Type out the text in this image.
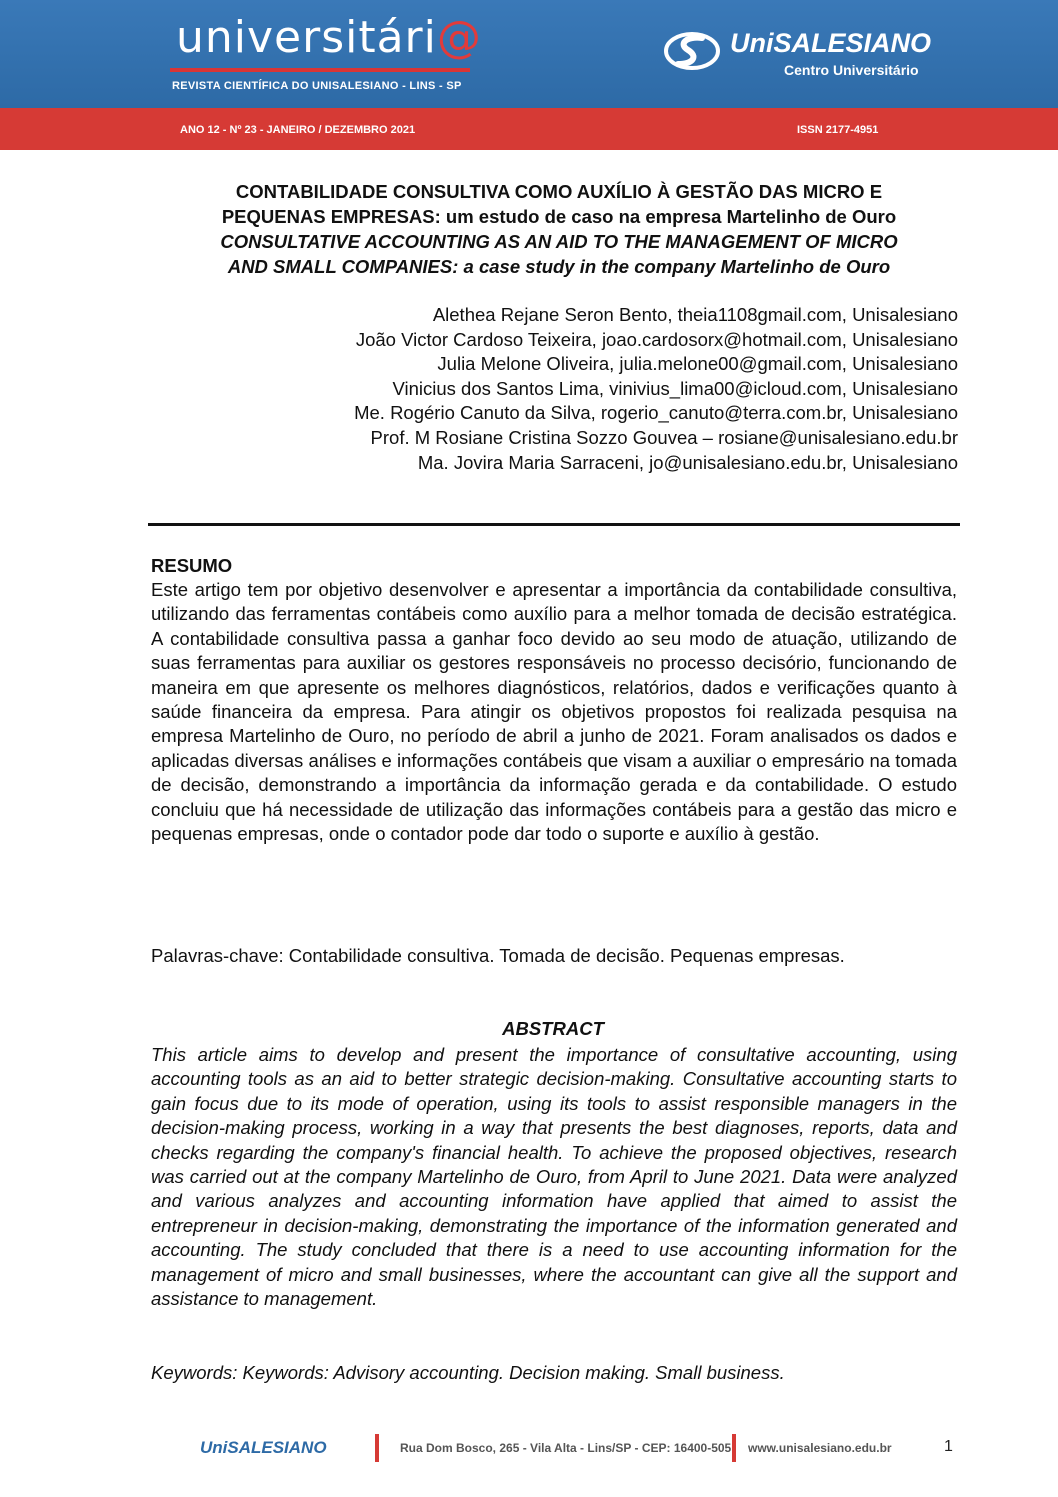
universitári@
REVISTA CIENTÍFICA DO UNISALESIANO - LINS - SP
UniSALESIANO
Centro Universitário
ANO 12 - Nº 23 - JANEIRO / DEZEMBRO 2021	ISSN 2177-4951
CONTABILIDADE CONSULTIVA COMO AUXÍLIO À GESTÃO DAS MICRO E
PEQUENAS EMPRESAS: um estudo de caso na empresa Martelinho de Ouro
CONSULTATIVE ACCOUNTING AS AN AID TO THE MANAGEMENT OF MICRO
AND SMALL COMPANIES: a case study in the company Martelinho de Ouro
Alethea Rejane Seron Bento, theia1108gmail.com, Unisalesiano
João Victor Cardoso Teixeira, joao.cardosorx@hotmail.com, Unisalesiano
Julia Melone Oliveira, julia.melone00@gmail.com, Unisalesiano
Vinicius dos Santos Lima, vinivius_lima00@icloud.com, Unisalesiano
Me. Rogério Canuto da Silva, rogerio_canuto@terra.com.br, Unisalesiano
Prof. M Rosiane Cristina Sozzo Gouvea – rosiane@unisalesiano.edu.br
Ma. Jovira Maria Sarraceni, jo@unisalesiano.edu.br, Unisalesiano
RESUMO
Este artigo tem por objetivo desenvolver e apresentar a importância da contabilidade consultiva, utilizando das ferramentas contábeis como auxílio para a melhor tomada de decisão estratégica. A contabilidade consultiva passa a ganhar foco devido ao seu modo de atuação, utilizando de suas ferramentas para auxiliar os gestores responsáveis no processo decisório, funcionando de maneira em que apresente os melhores diagnósticos, relatórios, dados e verificações quanto à saúde financeira da empresa. Para atingir os objetivos propostos foi realizada pesquisa na empresa Martelinho de Ouro, no período de abril a junho de 2021. Foram analisados os dados e aplicadas diversas análises e informações contábeis que visam a auxiliar o empresário na tomada de decisão, demonstrando a importância da informação gerada e da contabilidade. O estudo concluiu que há necessidade de utilização das informações contábeis para a gestão das micro e pequenas empresas, onde o contador pode dar todo o suporte e auxílio à gestão.
Palavras-chave: Contabilidade consultiva. Tomada de decisão. Pequenas empresas.
ABSTRACT
This article aims to develop and present the importance of consultative accounting, using accounting tools as an aid to better strategic decision-making. Consultative accounting starts to gain focus due to its mode of operation, using its tools to assist responsible managers in the decision-making process, working in a way that presents the best diagnoses, reports, data and checks regarding the company's financial health. To achieve the proposed objectives, research was carried out at the company Martelinho de Ouro, from April to June 2021. Data were analyzed and various analyzes and accounting information have applied that aimed to assist the entrepreneur in decision-making, demonstrating the importance of the information generated and accounting. The study concluded that there is a need to use accounting information for the management of micro and small businesses, where the accountant can give all the support and assistance to management.
Keywords: Keywords: Advisory accounting. Decision making. Small business.
UniSALESIANO	Rua Dom Bosco, 265 - Vila Alta - Lins/SP - CEP: 16400-505 www.unisalesiano.edu.br	1
